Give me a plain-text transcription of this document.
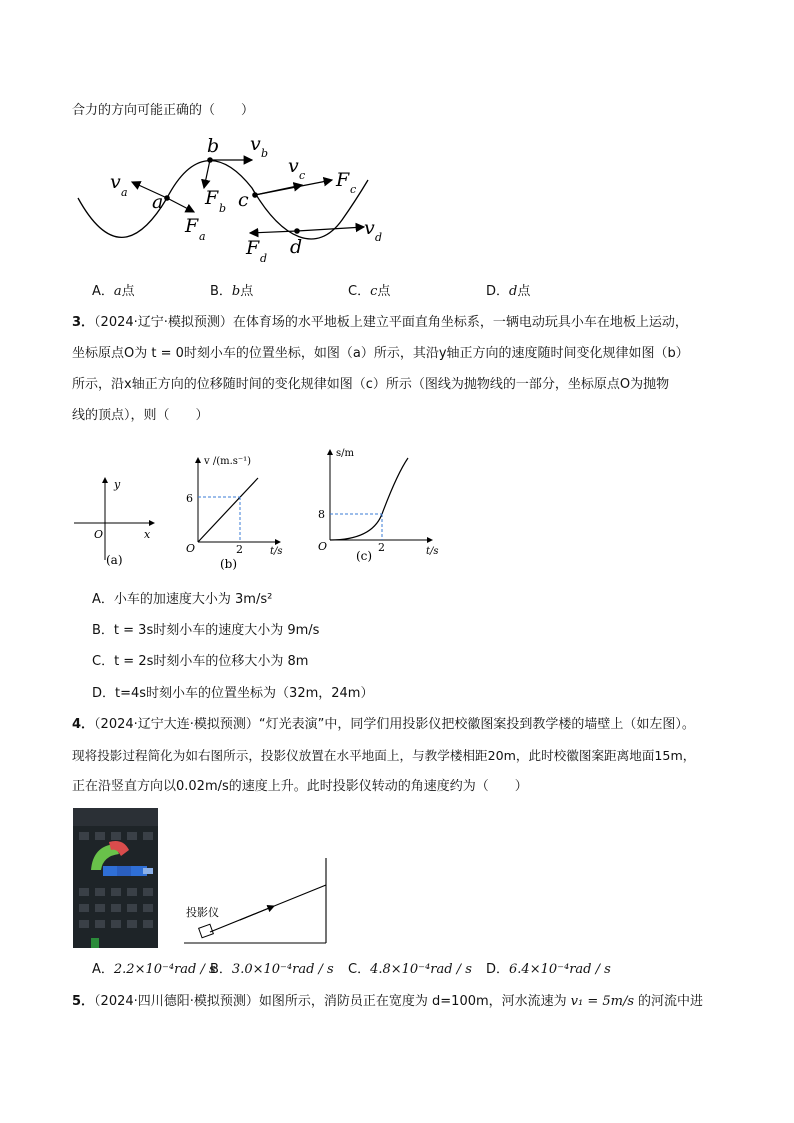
合力的方向可能正确的（　　）
a
b
c
d
v a
v b
v c
v d
F a
F b
F c
F d
A．a点	B．b点	C．c点	D．d点
3．（2024·辽宁·模拟预测）在体育场的水平地板上建立平面直角坐标系，一辆电动玩具小车在地板上运动，
坐标原点O为 t = 0时刻小车的位置坐标，如图（a）所示，其沿y轴正方向的速度随时间变化规律如图（b）
所示，沿x轴正方向的位移随时间的变化规律如图（c）所示（图线为抛物线的一部分，坐标原点O为抛物
线的顶点），则（　　）
y
x
O
(a)
v /(m.s⁻¹)
6
2
O	t/s
(b)
s/m
8
2
O	t/s
(c)
A．小车的加速度大小为 3m/s²
B．t = 3s时刻小车的速度大小为 9m/s
C．t = 2s时刻小车的位移大小为 8m
D．t=4s时刻小车的位置坐标为（32m，24m）
4．（2024·辽宁大连·模拟预测）“灯光表演”中，同学们用投影仪把校徽图案投到教学楼的墙壁上（如左图）。
现将投影过程简化为如右图所示，投影仪放置在水平地面上，与教学楼相距20m，此时校徽图案距离地面15m，
正在沿竖直方向以0.02m/s的速度上升。此时投影仪转动的角速度约为（　　）
投影仪
A．2.2×10⁻⁴rad / s
B．3.0×10⁻⁴rad / s C．4.8×10⁻⁴rad / s D．6.4×10⁻⁴rad / s
5．（2024·四川德阳·模拟预测）如图所示，消防员正在宽度为 d=100m，河水流速为 v₁ = 5m/s 的河流中进
